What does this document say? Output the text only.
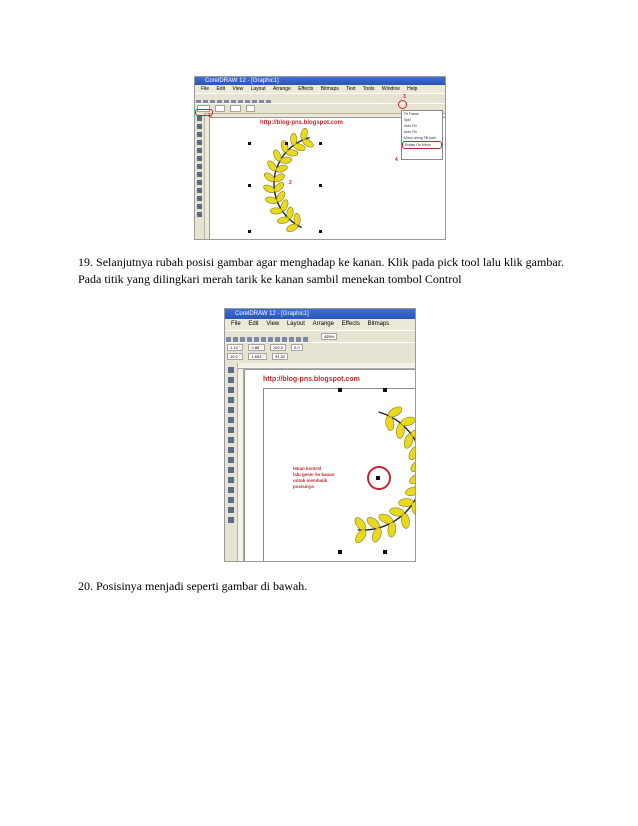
CorelDRAW 12 - [Graphic1]
File Edit View Layout Arrange Effects Bitmaps Text Tools Window Help

http://blog-pns.blogspot.com
2
1.
3
Fit Frame
Split
Auto Fill
Auto Fill
Mirror along Fill path
Rotate On Mirror
4
19. Selanjutnya rubah posisi gambar agar menghadap ke kanan. Klik pada pick tool lalu klik gambar. Pada titik yang dilingkari merah tarik ke kanan sambil menekan tombol Control
CorelDRAW 12 - [Graphic1]
File Edit View Layout Arrange Effects Bitmaps
455%
1.13 "	0.88 "	100.0	0.0
10.0 "	1.653 "	91.32
http://blog-pns.blogspot.com
tekan kontrol
lalu geser ke kanan
untuk membalik
posisinya
20. Posisinya menjadi seperti gambar di bawah.
